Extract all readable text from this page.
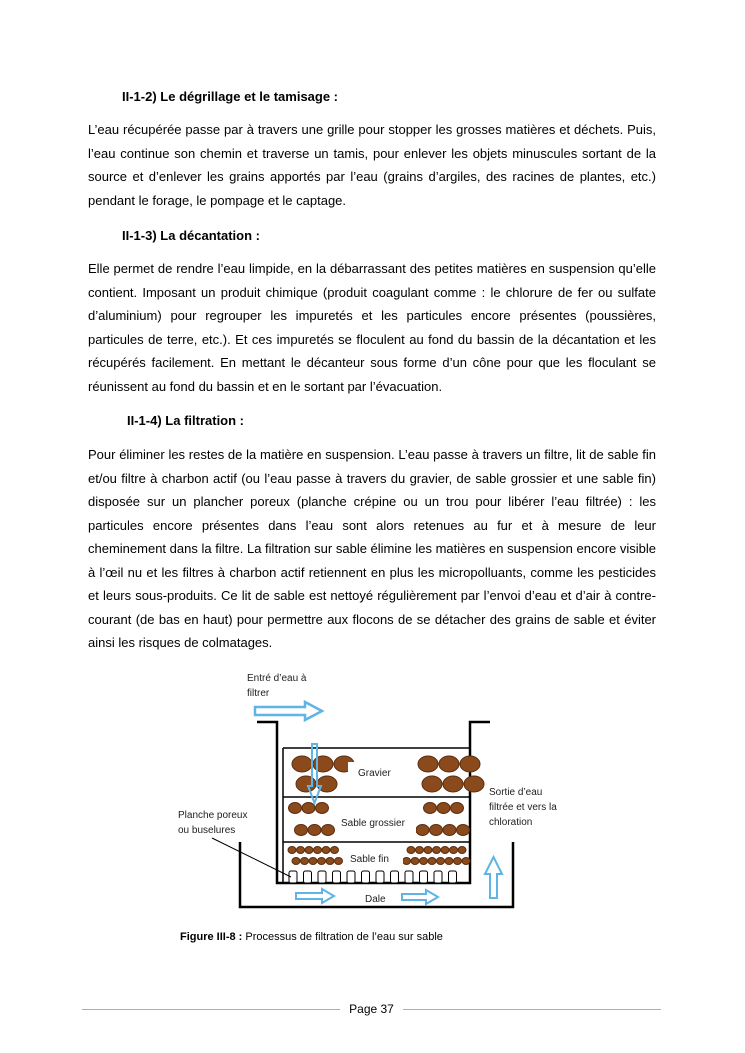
II-1-2) Le dégrillage et le tamisage :
L’eau récupérée passe par à travers une grille pour stopper les grosses matières et déchets. Puis, l’eau continue son chemin et traverse un tamis, pour enlever les objets minuscules sortant de la source et d’enlever les grains apportés par l’eau (grains d’argiles, des racines de plantes, etc.) pendant le forage, le pompage et le captage.
II-1-3) La décantation :
Elle permet de rendre l’eau limpide, en la débarrassant des petites matières en suspension qu’elle contient. Imposant un produit chimique (produit coagulant comme : le chlorure de fer ou sulfate d’aluminium) pour regrouper les impuretés et les particules encore présentes (poussières, particules de terre, etc.). Et ces impuretés se floculent au fond du bassin de la décantation et les récupérés facilement. En mettant le décanteur sous forme d’un cône pour que les floculant se réunissent au fond du bassin et en le sortant par l’évacuation.
II-1-4) La filtration :
Pour éliminer les restes de la matière en suspension. L’eau passe à travers un filtre, lit de sable fin et/ou filtre à charbon actif (ou l’eau passe à travers du gravier, de sable grossier et une sable fin) disposée sur un plancher poreux (planche crépine ou un trou pour libérer l’eau filtrée) : les particules encore présentes dans l’eau sont alors retenues au fur et à mesure de leur cheminement dans la filtre. La filtration sur sable élimine les matières en suspension encore visible à l’œil nu et les filtres à charbon actif retiennent en plus les micropolluants, comme les pesticides et leurs sous-produits. Ce lit de sable est nettoyé régulièrement par l’envoi d’eau et d’air à contre-courant (de bas en haut) pour permettre aux flocons de se détacher des grains de sable et éviter ainsi les risques de colmatages.
Entré d’eau à
filtrer
Gravier
Sable grossier
Sable fin
Planche poreux
ou buselures
Sortie d’eau
filtrée et vers la
chloration
Dale
Figure III-8 : Processus de filtration de l’eau sur sable
Page 37
